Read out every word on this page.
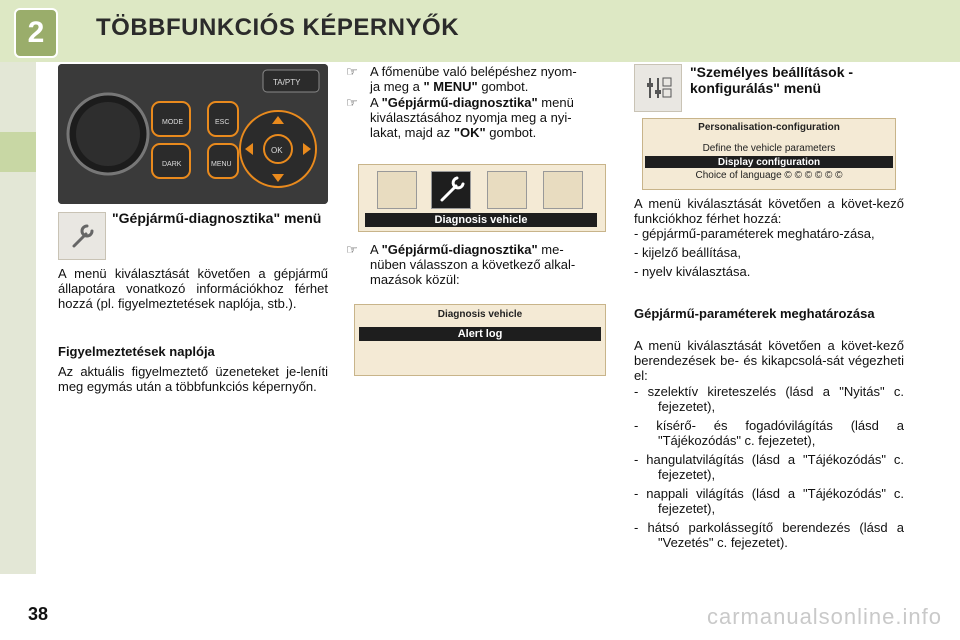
2	TÖBBFUNKCIÓS KÉPERNYŐK
MODE
DARK
ESC
MENU
OK
TA/PTY
"Gépjármű-diagnosztika" menü
A menü kiválasztását követően a gépjármű állapotára vonatkozó információkhoz férhet hozzá (pl. figyelmeztetések naplója, stb.).
Figyelmeztetések naplója
Az aktuális figyelmeztető üzeneteket je-leníti meg egymás után a többfunkciós képernyőn.
☞ A főmenübe való belépéshez nyom-
ja meg a " MENU" gombot.
☞ A "Gépjármű-diagnosztika" menü
kiválasztásához nyomja meg a nyi-
lakat, majd az "OK" gombot.
Diagnosis vehicle
☞ A "Gépjármű-diagnosztika" me-
nüben válasszon a következő alkal-
mazások közül:
Diagnosis vehicle
Alert log
"Személyes beállítások -
konfigurálás" menü
Personalisation-configuration
Define the vehicle parameters
Display configuration
Choice of language © © © © © ©
A menü kiválasztását követően a követ-kező funkciókhoz férhet hozzá:
- gépjármű-paraméterek meghatáro-zása,
- kijelző beállítása,
- nyelv kiválasztása.
Gépjármű-paraméterek meghatározása
A menü kiválasztását követően a követ-kező berendezések be- és kikapcsolá-sát végezheti el:
- szelektív kireteszelés (lásd a "Nyitás" c. fejezetet),
- kísérő- és fogadóvilágítás (lásd a "Tájékozódás" c. fejezetet),
- hangulatvilágítás (lásd a "Tájékozódás" c. fejezetet),
- nappali világítás (lásd a "Tájékozódás" c. fejezetet),
- hátsó parkolássegítő berendezés (lásd a "Vezetés" c. fejezetet).
38	carmanualsonline.info
